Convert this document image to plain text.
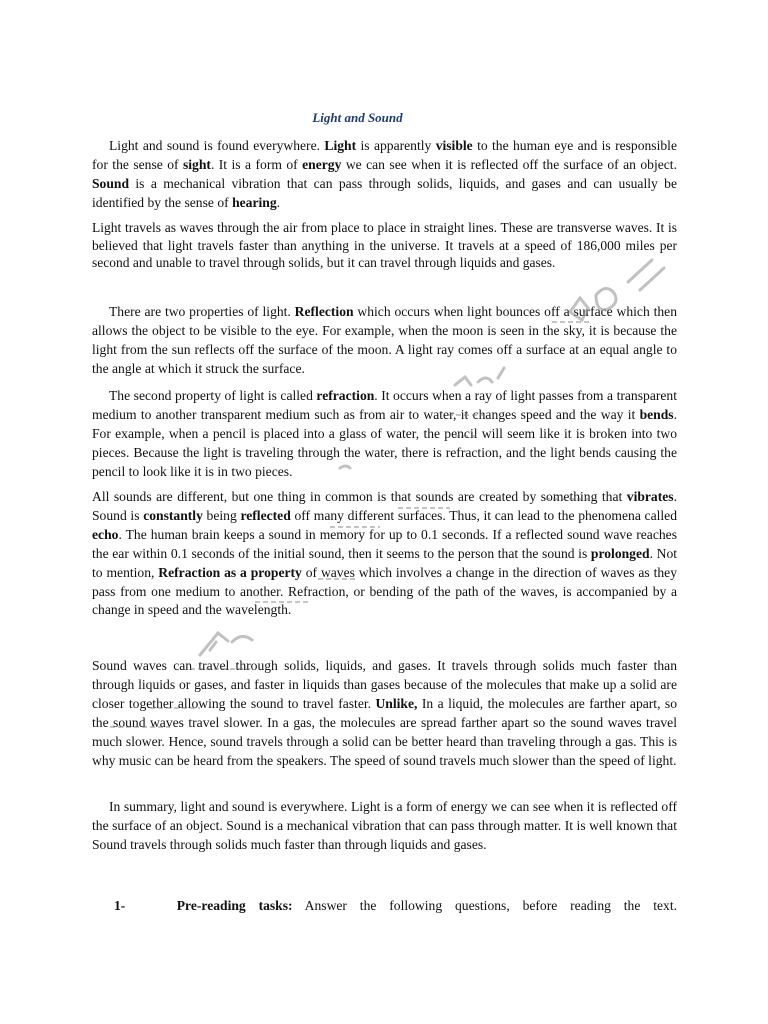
Light and Sound

Light and sound is found everywhere. Light is apparently visible to the human eye and is responsible for the sense of sight. It is a form of energy we can see when it is reflected off the surface of an object. Sound is a mechanical vibration that can pass through solids, liquids, and gases and can usually be identified by the sense of hearing.

Light travels as waves through the air from place to place in straight lines. These are transverse waves. It is believed that light travels faster than anything in the universe. It travels at a speed of 186,000 miles per second and unable to travel through solids, but it can travel through liquids and gases.

There are two properties of light. Reflection which occurs when light bounces off a surface which then allows the object to be visible to the eye. For example, when the moon is seen in the sky, it is because the light from the sun reflects off the surface of the moon. A light ray comes off a surface at an equal angle to the angle at which it struck the surface.

The second property of light is called refraction. It occurs when a ray of light passes from a transparent medium to another transparent medium such as from air to water, it changes speed and the way it bends. For example, when a pencil is placed into a glass of water, the pencil will seem like it is broken into two pieces. Because the light is traveling through the water, there is refraction, and the light bends causing the pencil to look like it is in two pieces.

All sounds are different, but one thing in common is that sounds are created by something that vibrates. Sound is constantly being reflected off many different surfaces. Thus, it can lead to the phenomena called echo. The human brain keeps a sound in memory for up to 0.1 seconds. If a reflected sound wave reaches the ear within 0.1 seconds of the initial sound, then it seems to the person that the sound is prolonged. Not to mention, Refraction as a property of waves which involves a change in the direction of waves as they pass from one medium to another. Refraction, or bending of the path of the waves, is accompanied by a change in speed and the wavelength.

Sound waves can travel through solids, liquids, and gases. It travels through solids much faster than through liquids or gases, and faster in liquids than gases because of the molecules that make up a solid are closer together allowing the sound to travel faster. Unlike, In a liquid, the molecules are farther apart, so the sound waves travel slower. In a gas, the molecules are spread farther apart so the sound waves travel much slower. Hence, sound travels through a solid can be better heard than traveling through a gas. This is why music can be heard from the speakers. The speed of sound travels much slower than the speed of light.

In summary, light and sound is everywhere. Light is a form of energy we can see when it is reflected off the surface of an object. Sound is a mechanical vibration that can pass through matter. It is well known that Sound travels through solids much faster than through liquids and gases.

1-	Pre-reading tasks: Answer the following questions, before reading the text.
